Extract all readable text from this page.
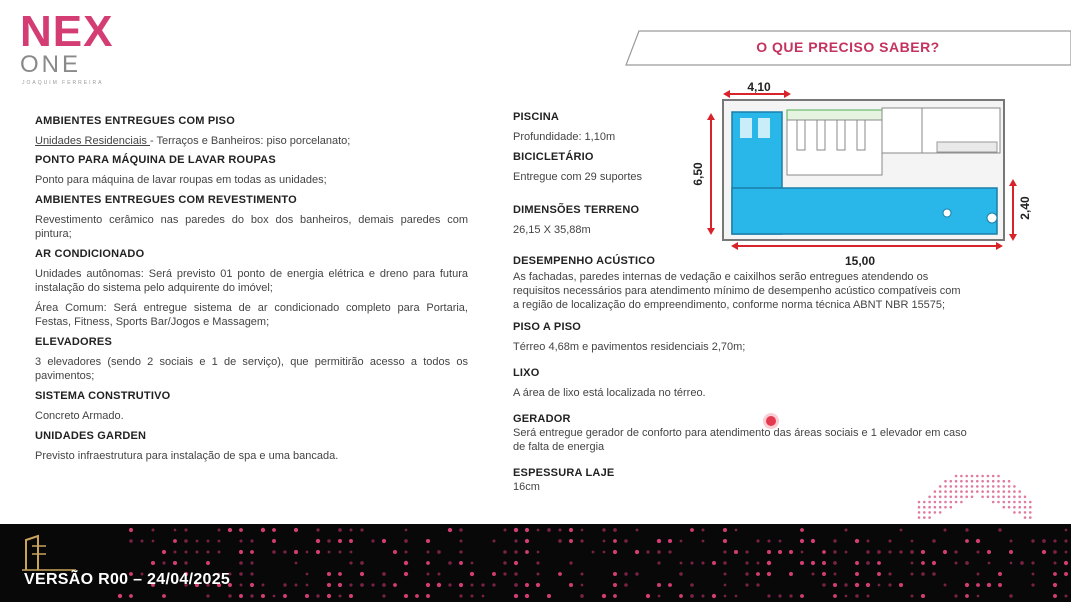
NEX
ONE
JOAQUIM FERREIRA
O QUE PRECISO SABER?
AMBIENTES ENTREGUES COM PISO
Unidades Residenciais - Terraços e Banheiros: piso porcelanato;
PONTO PARA MÁQUINA DE LAVAR ROUPAS
Ponto para máquina de lavar roupas em todas as unidades;
AMBIENTES ENTREGUES COM REVESTIMENTO
Revestimento cerâmico nas paredes do box dos banheiros, demais paredes com pintura;
AR CONDICIONADO
Unidades autônomas: Será previsto 01 ponto de energia elétrica e dreno para futura instalação do sistema pelo adquirente do imóvel;
Área Comum: Será entregue sistema de ar condicionado completo para Portaria, Festas, Fitness, Sports Bar/Jogos e Massagem;
ELEVADORES
3 elevadores (sendo 2 sociais e 1 de serviço), que permitirão acesso a todos os pavimentos;
SISTEMA CONSTRUTIVO
Concreto Armado.
UNIDADES GARDEN
Previsto infraestrutura para instalação de spa e uma bancada.
PISCINA
Profundidade: 1,10m
BICICLETÁRIO
Entregue com 29 suportes
DIMENSÕES TERRENO
26,15 X 35,88m
DESEMPENHO ACÚSTICO
As fachadas, paredes internas de vedação e caixilhos serão entregues atendendo os requisitos necessários para atendimento mínimo de desempenho acústico compatíveis com a região de localização do empreendimento, conforme norma técnica ABNT NBR 15575;
PISO A PISO
Térreo 4,68m e pavimentos residenciais 2,70m;
LIXO
A área de lixo está localizada no térreo.
GERADOR
Será entregue gerador de conforto para atendimento das áreas sociais e 1 elevador em caso de falta de energia
ESPESSURA LAJE
16cm
4,10
6,50
15,00
2,40
VERSÃO R00 – 24/04/2025
